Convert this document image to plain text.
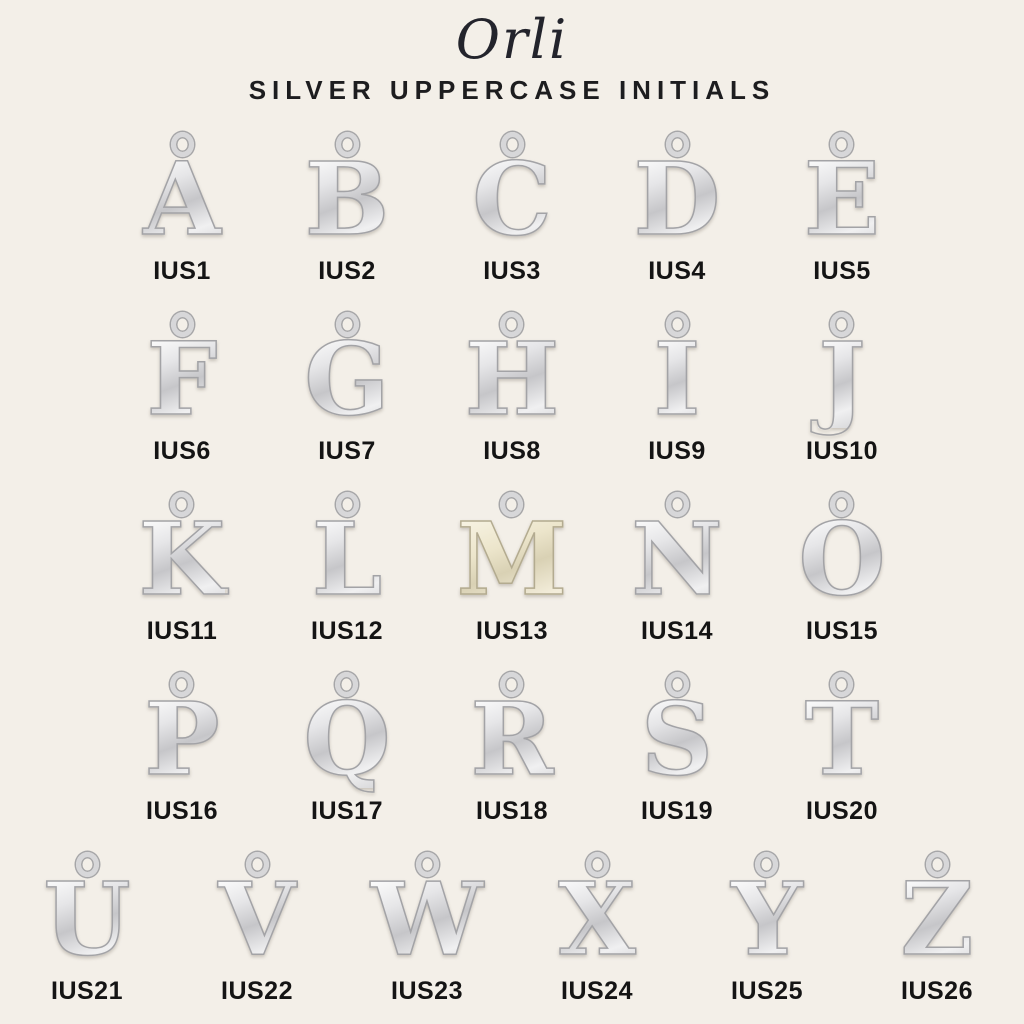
Orli
SILVER UPPERCASE INITIALS
A
IUS1
B
IUS2
C
IUS3
D
IUS4
E
IUS5
F
IUS6
G
IUS7
H
IUS8
I
IUS9
J
IUS10
K
IUS11
L
IUS12
M
IUS13
N
IUS14
O
IUS15
P
IUS16
Q
IUS17
R
IUS18
S
IUS19
T
IUS20
U
IUS21
V
IUS22
W
IUS23
X
IUS24
Y
IUS25
Z
IUS26
